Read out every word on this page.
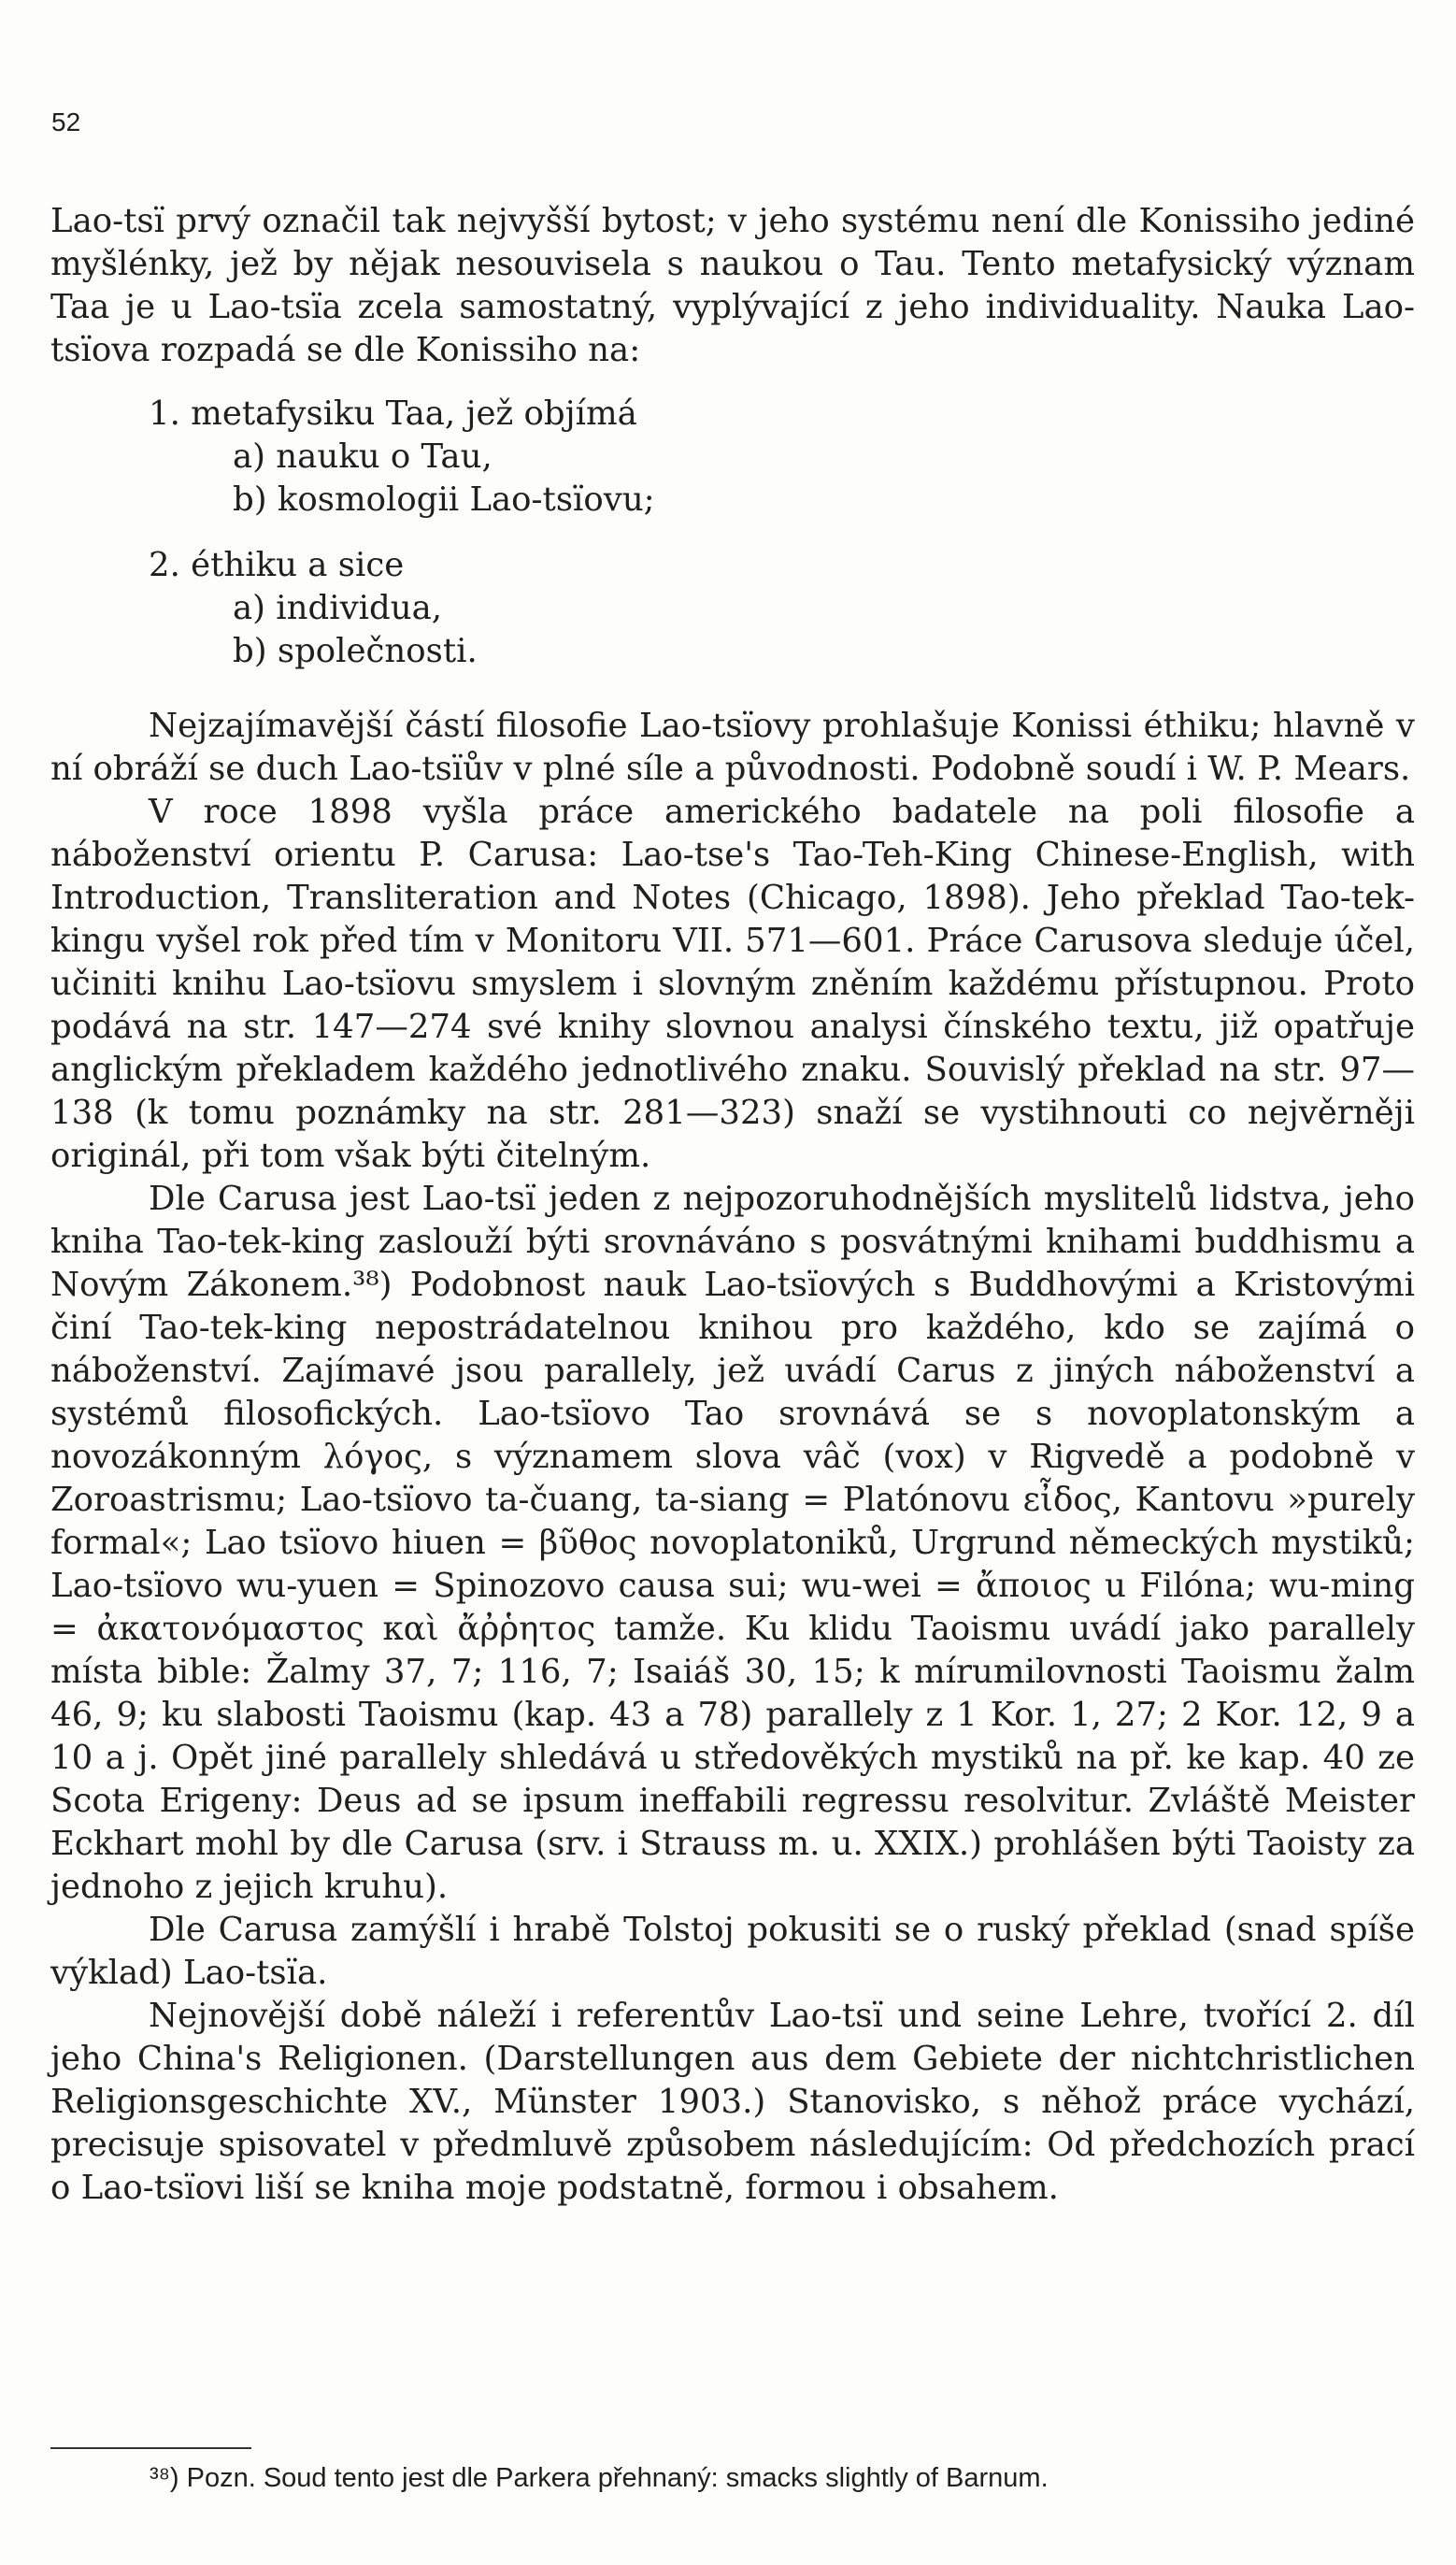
52

Lao-tsï prvý označil tak nejvyšší bytost; v jeho systému není dle Konissiho jediné myšlénky, jež by nějak nesouvisela s naukou o Tau. Tento metafysický význam Taa je u Lao-tsïa zcela samostatný, vyplývající z jeho individuality. Nauka Lao-tsïova rozpadá se dle Konissiho na:

1. metafysiku Taa, jež objímá
a) nauku o Tau,
b) kosmologii Lao-tsïovu;
2. éthiku a sice
a) individua,
b) společnosti.

Nejzajímavější částí filosofie Lao-tsïovy prohlašuje Konissi éthiku; hlavně v ní obráží se duch Lao-tsïův v plné síle a původnosti. Podobně soudí i W. P. Mears.

V roce 1898 vyšla práce amerického badatele na poli filosofie a náboženství orientu P. Carusa: Lao-tse's Tao-Teh-King Chinese-English, with Introduction, Transliteration and Notes (Chicago, 1898). Jeho překlad Tao-tek-kingu vyšel rok před tím v Monitoru VII. 571—601. Práce Carusova sleduje účel, učiniti knihu Lao-tsïovu smyslem i slovným zněním každému přístupnou. Proto podává na str. 147—274 své knihy slovnou analysi čínského textu, již opatřuje anglickým překladem každého jednotlivého znaku. Souvislý překlad na str. 97—138 (k tomu poznámky na str. 281—323) snaží se vystihnouti co nejvěrněji originál, při tom však býti čitelným.

Dle Carusa jest Lao-tsï jeden z nejpozoruhodnějších myslitelů lidstva, jeho kniha Tao-tek-king zaslouží býti srovnáváno s posvátnými knihami buddhismu a Novým Zákonem.³⁸) Podobnost nauk Lao-tsïových s Buddhovými a Kristovými činí Tao-tek-king nepostrádatelnou knihou pro každého, kdo se zajímá o náboženství. Zajímavé jsou parallely, jež uvádí Carus z jiných náboženství a systémů filosofických. Lao-tsïovo Tao srovnává se s novoplatonským a novozákonným λόγος, s významem slova vâč (vox) v Rigvedě a podobně v Zoroastrismu; Lao-tsïovo ta-čuang, ta-siang = Platónovu εἶδος, Kantovu »purely formal«; Lao tsïovo hiuen = βῦθος novoplatoniků, Urgrund německých mystiků; Lao-tsïovo wu-yuen = Spinozovo causa sui; wu-wei = ἄποιος u Filóna; wu-ming = ἀκατονόμαστος καὶ ἄῤῥητος tamže. Ku klidu Taoismu uvádí jako parallely místa bible: Žalmy 37, 7; 116, 7; Isaiáš 30, 15; k mírumilovnosti Taoismu žalm 46, 9; ku slabosti Taoismu (kap. 43 a 78) parallely z 1 Kor. 1, 27; 2 Kor. 12, 9 a 10 a j. Opět jiné parallely shledává u středověkých mystiků na př. ke kap. 40 ze Scota Erigeny: Deus ad se ipsum ineffabili regressu resolvitur. Zvláště Meister Eckhart mohl by dle Carusa (srv. i Strauss m. u. XXIX.) prohlášen býti Taoisty za jednoho z jejich kruhu).

Dle Carusa zamýšlí i hrabě Tolstoj pokusiti se o ruský překlad (snad spíše výklad) Lao-tsïa.

Nejnovější době náleží i referentův Lao-tsï und seine Lehre, tvořící 2. díl jeho China's Religionen. (Darstellungen aus dem Gebiete der nichtchristlichen Religionsgeschichte XV., Münster 1903.) Stanovisko, s něhož práce vychází, precisuje spisovatel v předmluvě způsobem následujícím: Od předchozích prací o Lao-tsïovi liší se kniha moje podstatně, formou i obsahem.

³⁸) Pozn. Soud tento jest dle Parkera přehnaný: smacks slightly of Barnum.
